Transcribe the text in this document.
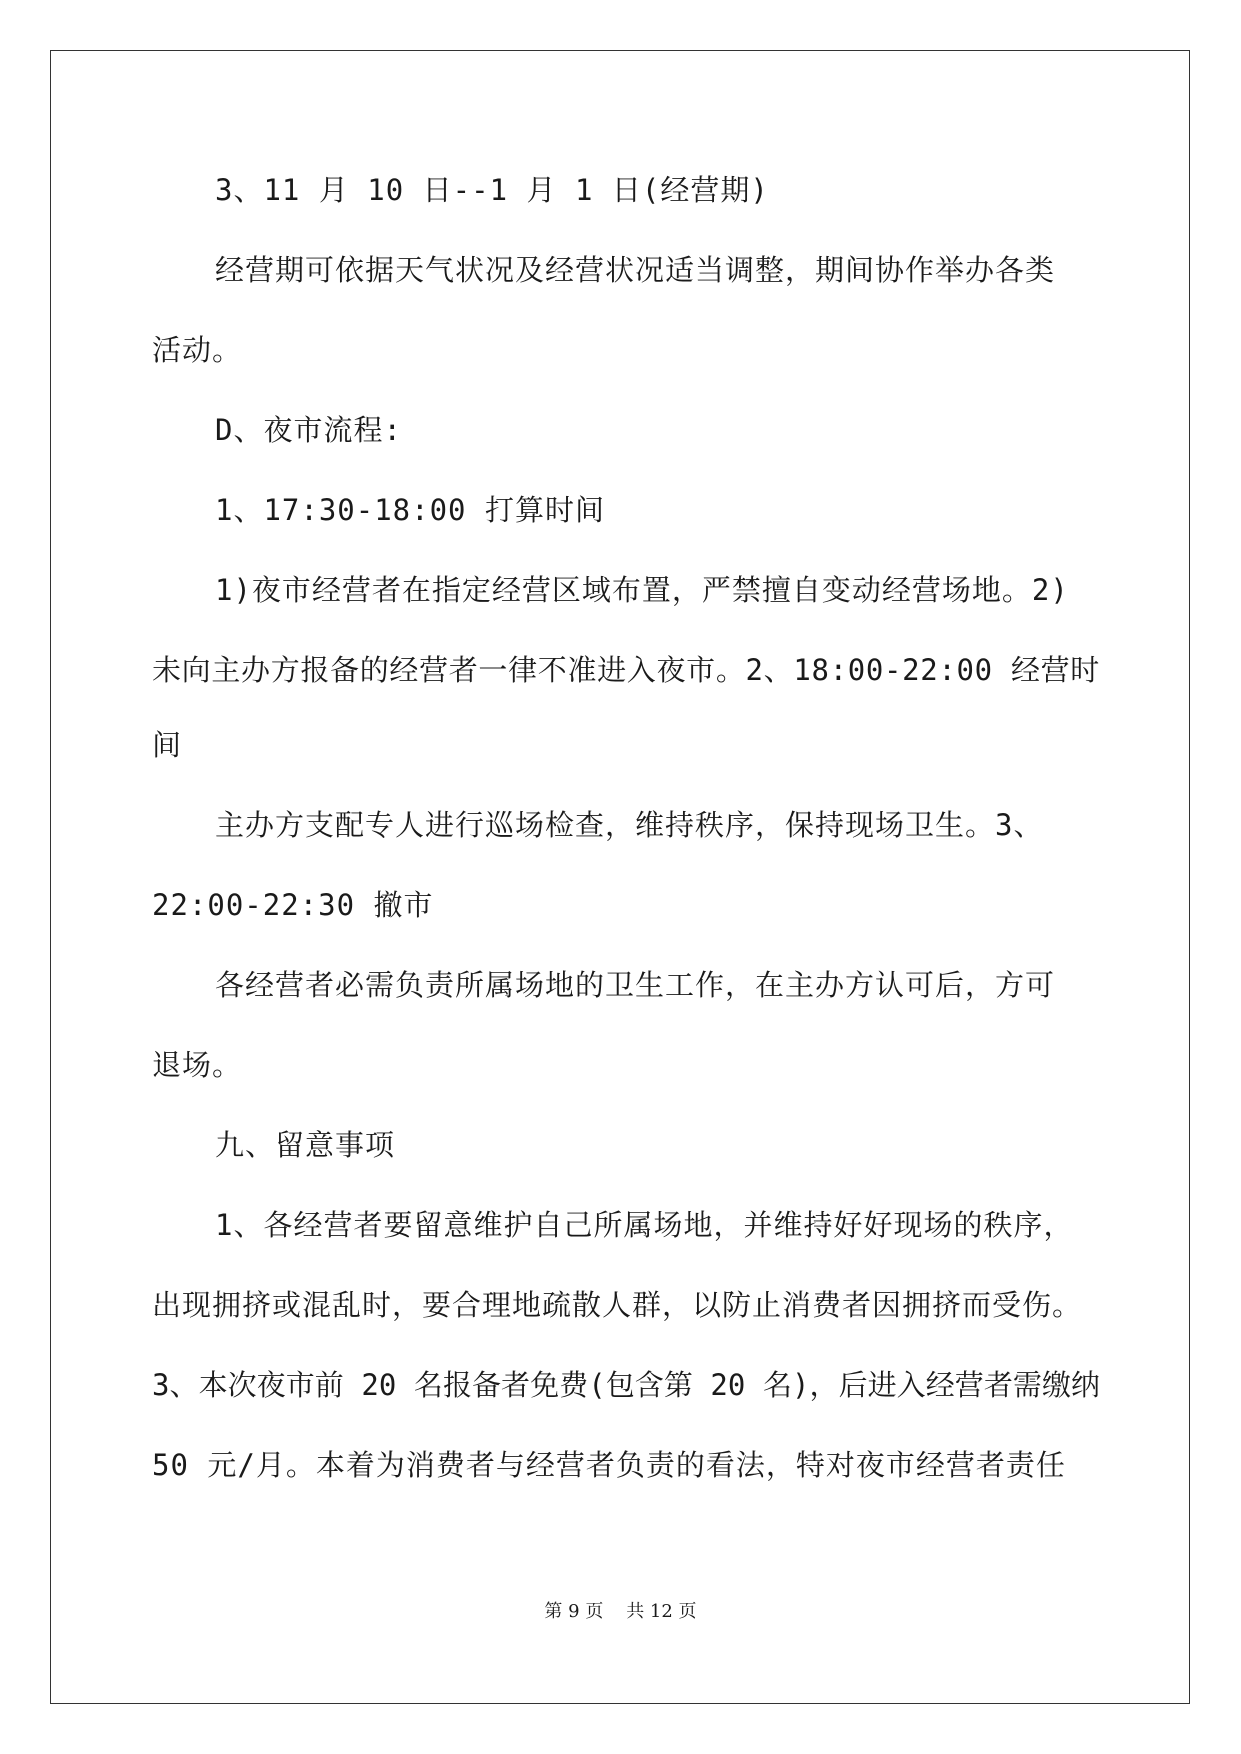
3、11 月 10 日--1 月 1 日(经营期)
经营期可依据天气状况及经营状况适当调整，期间协作举办各类
活动。
D、夜市流程:
1、17:30-18:00 打算时间
1)夜市经营者在指定经营区域布置，严禁擅自变动经营场地。2)
未向主办方报备的经营者一律不准进入夜市。2、18:00-22:00 经营时
间
主办方支配专人进行巡场检查，维持秩序，保持现场卫生。3、
22:00-22:30 撤市
各经营者必需负责所属场地的卫生工作，在主办方认可后，方可
退场。
九、留意事项
1、各经营者要留意维护自己所属场地，并维持好好现场的秩序，
出现拥挤或混乱时，要合理地疏散人群，以防止消费者因拥挤而受伤。
3、本次夜市前 20 名报备者免费(包含第 20 名)，后进入经营者需缴纳
50 元/月。本着为消费者与经营者负责的看法，特对夜市经营者责任
第 9 页    共 12 页
